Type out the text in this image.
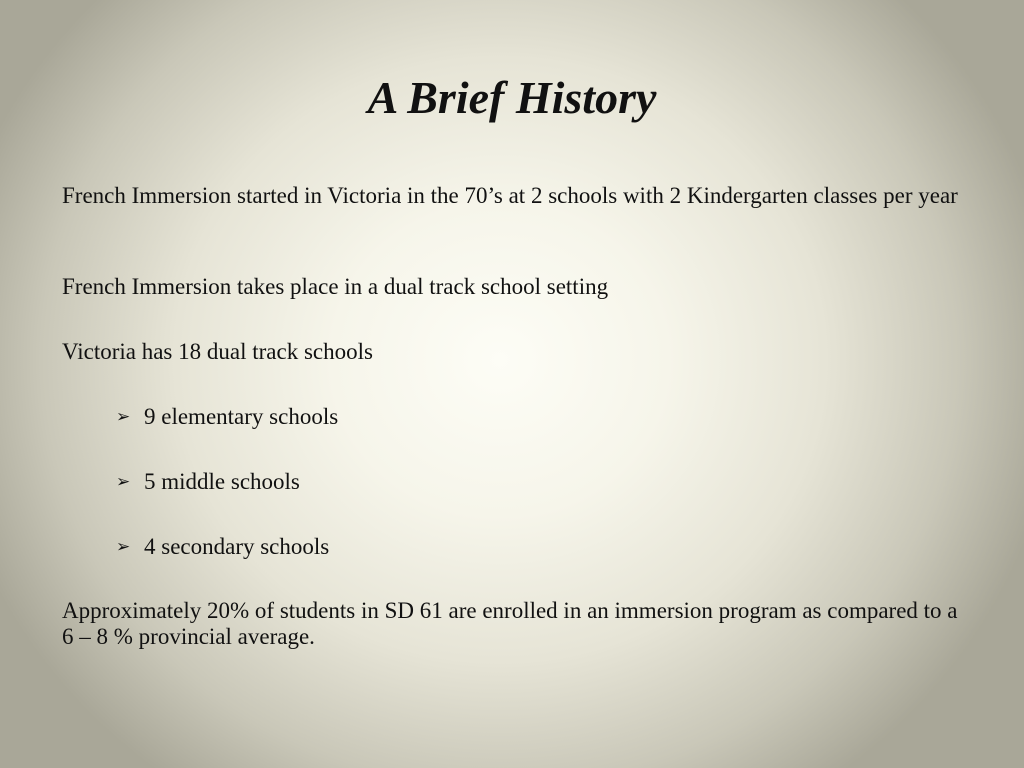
A Brief History

French Immersion started in Victoria in the 70’s at 2 schools with 2 Kindergarten classes per year

French Immersion takes place in a dual track school setting

Victoria has 18 dual track schools

➢ 9 elementary schools
➢ 5 middle schools
➢ 4 secondary schools

Approximately 20% of students in SD 61 are enrolled in an immersion program as compared to a 6 – 8 % provincial average.
